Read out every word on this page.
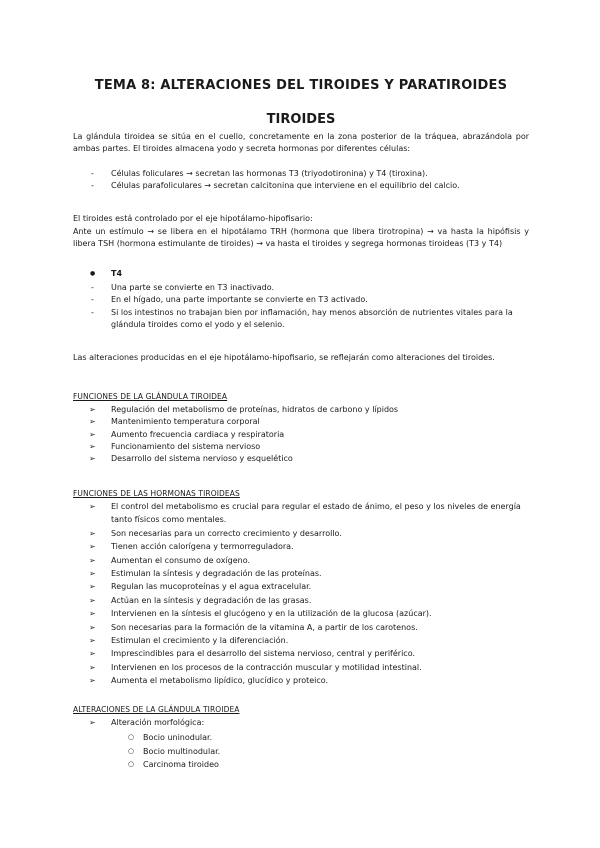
TEMA 8: ALTERACIONES DEL TIROIDES Y PARATIROIDES
TIROIDES
La glándula tiroidea se sitúa en el cuello, concretamente en la zona posterior de la tráquea, abrazándola por ambas partes. El tiroides almacena yodo y secreta hormonas por diferentes células:
- Células foliculares → secretan las hormonas T3 (triyodotironina) y T4 (tiroxina).
- Células parafoliculares → secretan calcitonina que interviene en el equilibrio del calcio.
El tiroides está controlado por el eje hipotálamo-hipofisario:
Ante un estímulo → se libera en el hipotálamo TRH (hormona que libera tirotropina) → va hasta la hipófisis y libera TSH (hormona estimulante de tiroides) → va hasta el tiroides y segrega hormonas tiroideas (T3 y T4)
● T4
- Una parte se convierte en T3 inactivado.
- En el hígado, una parte importante se convierte en T3 activado.
- Si los intestinos no trabajan bien por inflamación, hay menos absorción de nutrientes vitales para la glándula tiroides como el yodo y el selenio.
Las alteraciones producidas en el eje hipotálamo-hipofisario, se reflejarán como alteraciones del tiroides.
FUNCIONES DE LA GLÁNDULA TIROIDEA
➢ Regulación del metabolismo de proteínas, hidratos de carbono y lípidos
➢ Mantenimiento temperatura corporal
➢ Aumento frecuencia cardiaca y respiratoria
➢ Funcionamiento del sistema nervioso
➢ Desarrollo del sistema nervioso y esquelético
FUNCIONES DE LAS HORMONAS TIROIDEAS
➢ El control del metabolismo es crucial para regular el estado de ánimo, el peso y los niveles de energía tanto físicos como mentales.
➢ Son necesarias para un correcto crecimiento y desarrollo.
➢ Tienen acción calorígena y termorreguladora.
➢ Aumentan el consumo de oxígeno.
➢ Estimulan la síntesis y degradación de las proteínas.
➢ Regulan las mucoproteínas y el agua extracelular.
➢ Actúan en la síntesis y degradación de las grasas.
➢ Intervienen en la síntesis el glucógeno y en la utilización de la glucosa (azúcar).
➢ Son necesarias para la formación de la vitamina A, a partir de los carotenos.
➢ Estimulan el crecimiento y la diferenciación.
➢ Imprescindibles para el desarrollo del sistema nervioso, central y periférico.
➢ Intervienen en los procesos de la contracción muscular y motilidad intestinal.
➢ Aumenta el metabolismo lipídico, glucídico y proteico.
ALTERACIONES DE LA GLÁNDULA TIROIDEA
➢ Alteración morfológica:
○ Bocio uninodular.
○ Bocio multinodular.
○ Carcinoma tiroideo
